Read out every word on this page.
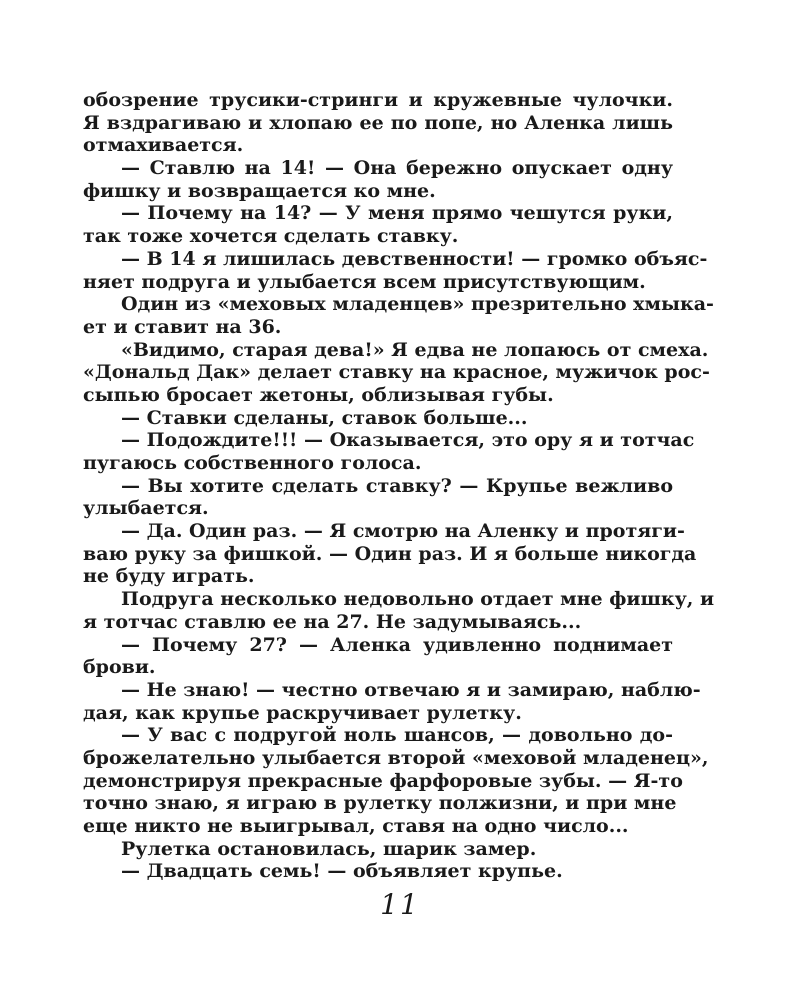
обозрение трусики-стринги и кружевные чулочки.
Я вздрагиваю и хлопаю ее по попе, но Аленка лишь
отмахивается.
— Ставлю на 14! — Она бережно опускает одну
фишку и возвращается ко мне.
— Почему на 14? — У меня прямо чешутся руки,
так тоже хочется сделать ставку.
— В 14 я лишилась девственности! — громко объяс-
няет подруга и улыбается всем присутствующим.
Один из «меховых младенцев» презрительно хмыка-
ет и ставит на 36.
«Видимо, старая дева!» Я едва не лопаюсь от смеха.
«Дональд Дак» делает ставку на красное, мужичок рос-
сыпью бросает жетоны, облизывая губы.
— Ставки сделаны, ставок больше...
— Подождите!!! — Оказывается, это ору я и тотчас
пугаюсь собственного голоса.
— Вы хотите сделать ставку? — Крупье вежливо
улыбается.
— Да. Один раз. — Я смотрю на Аленку и протяги-
ваю руку за фишкой. — Один раз. И я больше никогда
не буду играть.
Подруга несколько недовольно отдает мне фишку, и
я тотчас ставлю ее на 27. Не задумываясь...
— Почему 27? — Аленка удивленно поднимает
брови.
— Не знаю! — честно отвечаю я и замираю, наблю-
дая, как крупье раскручивает рулетку.
— У вас с подругой ноль шансов, — довольно до-
брожелательно улыбается второй «меховой младенец»,
демонстрируя прекрасные фарфоровые зубы. — Я-то
точно знаю, я играю в рулетку полжизни, и при мне
еще никто не выигрывал, ставя на одно число...
Рулетка остановилась, шарик замер.
— Двадцать семь! — объявляет крупье.
11
